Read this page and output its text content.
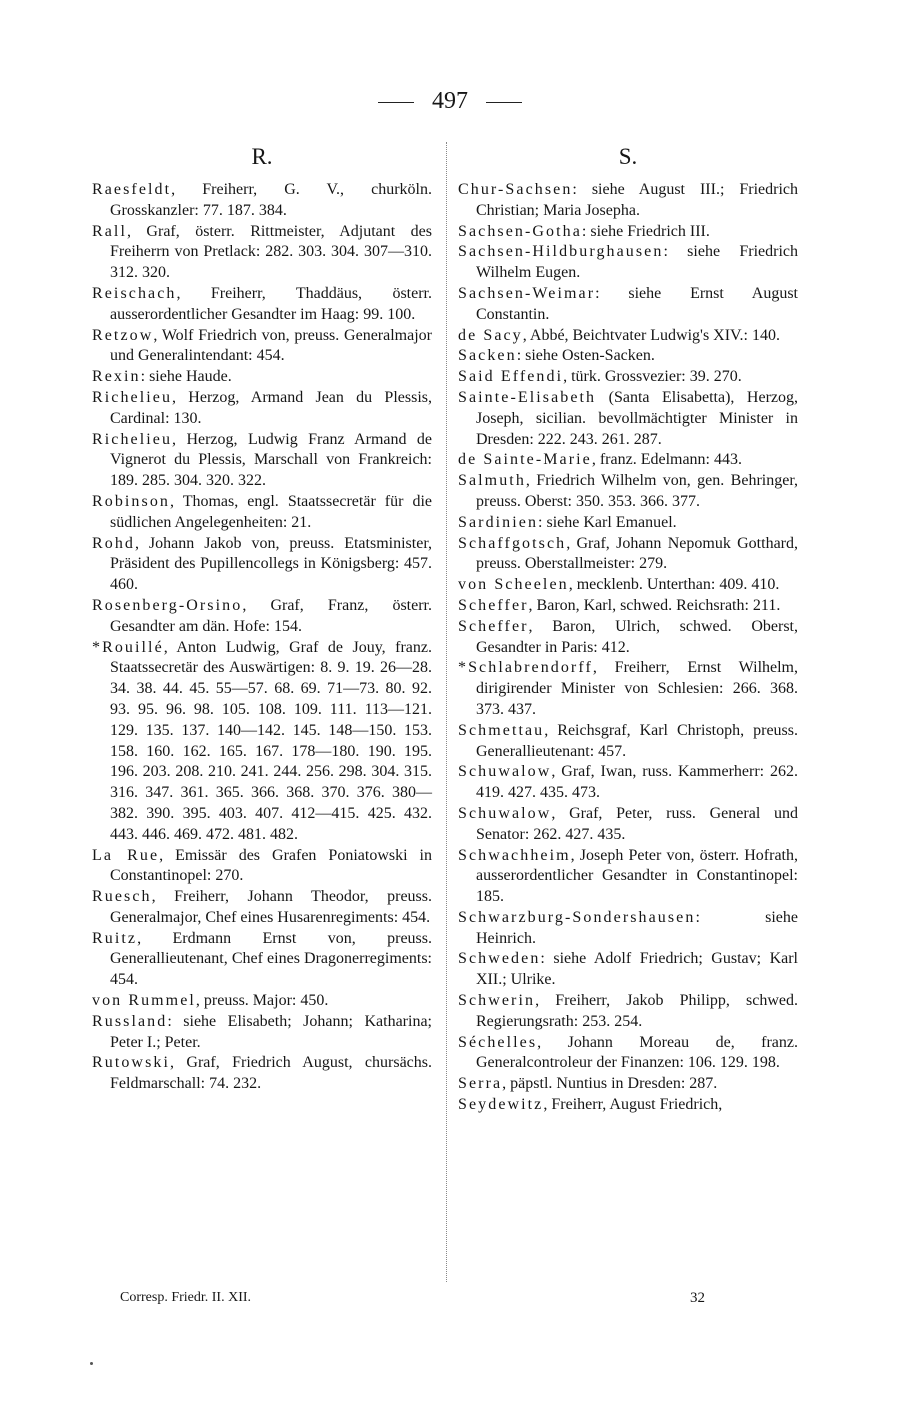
497
R.
Raesfeldt, Freiherr, G. V., churköln. Grosskanzler: 77. 187. 384.
Rall, Graf, österr. Rittmeister, Adjutant des Freiherrn von Pretlack: 282. 303. 304. 307—310. 312. 320.
Reischach, Freiherr, Thaddäus, österr. ausserordentlicher Gesandter im Haag: 99. 100.
Retzow, Wolf Friedrich von, preuss. Generalmajor und Generalintendant: 454.
Rexin: siehe Haude.
Richelieu, Herzog, Armand Jean du Plessis, Cardinal: 130.
Richelieu, Herzog, Ludwig Franz Armand de Vignerot du Plessis, Marschall von Frankreich: 189. 285. 304. 320. 322.
Robinson, Thomas, engl. Staatssecretär für die südlichen Angelegenheiten: 21.
Rohd, Johann Jakob von, preuss. Etatsminister, Präsident des Pupillencollegs in Königsberg: 457. 460.
Rosenberg-Orsino, Graf, Franz, österr. Gesandter am dän. Hofe: 154.
*Rouillé, Anton Ludwig, Graf de Jouy, franz. Staatssecretär des Auswärtigen: 8. 9. 19. 26—28. 34. 38. 44. 45. 55—57. 68. 69. 71—73. 80. 92. 93. 95. 96. 98. 105. 108. 109. 111. 113—121. 129. 135. 137. 140—142. 145. 148—150. 153. 158. 160. 162. 165. 167. 178—180. 190. 195. 196. 203. 208. 210. 241. 244. 256. 298. 304. 315. 316. 347. 361. 365. 366. 368. 370. 376. 380—382. 390. 395. 403. 407. 412—415. 425. 432. 443. 446. 469. 472. 481. 482.
La Rue, Emissär des Grafen Poniatowski in Constantinopel: 270.
Ruesch, Freiherr, Johann Theodor, preuss. Generalmajor, Chef eines Husarenregiments: 454.
Ruitz, Erdmann Ernst von, preuss. Generallieutenant, Chef eines Dragonerregiments: 454.
von Rummel, preuss. Major: 450.
Russland: siehe Elisabeth; Johann; Katharina; Peter I.; Peter.
Rutowski, Graf, Friedrich August, chursächs. Feldmarschall: 74. 232.
S.
Chur-Sachsen: siehe August III.; Friedrich Christian; Maria Josepha.
Sachsen-Gotha: siehe Friedrich III.
Sachsen-Hildburghausen: siehe Friedrich Wilhelm Eugen.
Sachsen-Weimar: siehe Ernst August Constantin.
de Sacy, Abbé, Beichtvater Ludwig's XIV.: 140.
Sacken: siehe Osten-Sacken.
Said Effendi, türk. Grossvezier: 39. 270.
Sainte-Elisabeth (Santa Elisabetta), Herzog, Joseph, sicilian. bevollmächtigter Minister in Dresden: 222. 243. 261. 287.
de Sainte-Marie, franz. Edelmann: 443.
Salmuth, Friedrich Wilhelm von, gen. Behringer, preuss. Oberst: 350. 353. 366. 377.
Sardinien: siehe Karl Emanuel.
Schaffgotsch, Graf, Johann Nepomuk Gotthard, preuss. Oberstallmeister: 279.
von Scheelen, mecklenb. Unterthan: 409. 410.
Scheffer, Baron, Karl, schwed. Reichsrath: 211.
Scheffer, Baron, Ulrich, schwed. Oberst, Gesandter in Paris: 412.
*Schlabrendorff, Freiherr, Ernst Wilhelm, dirigirender Minister von Schlesien: 266. 368. 373. 437.
Schmettau, Reichsgraf, Karl Christoph, preuss. Generallieutenant: 457.
Schuwalow, Graf, Iwan, russ. Kammerherr: 262. 419. 427. 435. 473.
Schuwalow, Graf, Peter, russ. General und Senator: 262. 427. 435.
Schwachheim, Joseph Peter von, österr. Hofrath, ausserordentlicher Gesandter in Constantinopel: 185.
Schwarzburg-Sondershausen: siehe Heinrich.
Schweden: siehe Adolf Friedrich; Gustav; Karl XII.; Ulrike.
Schwerin, Freiherr, Jakob Philipp, schwed. Regierungsrath: 253. 254.
Séchelles, Johann Moreau de, franz. Generalcontroleur der Finanzen: 106. 129. 198.
Serra, päpstl. Nuntius in Dresden: 287.
Seydewitz, Freiherr, August Friedrich,
Corresp. Friedr. II. XII.	32
